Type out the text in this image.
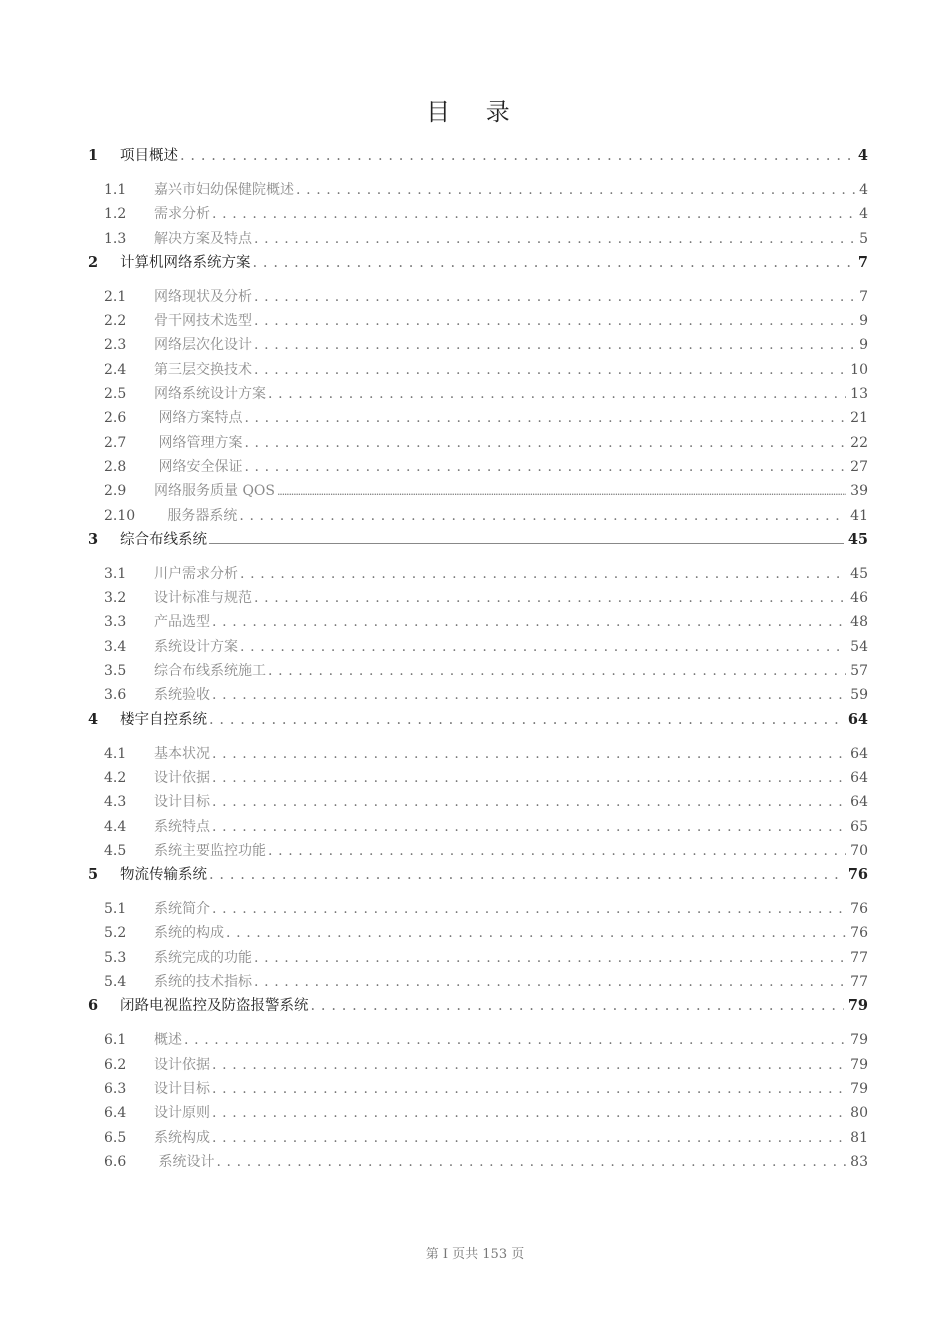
目 录
1	项目概述 . . .	4
1.1	嘉兴市妇幼保健院概述 . . .	4
1.2	需求分析 . . .	4
1.3	解决方案及特点 . . .	5
2	计算机网络系统方案 . . .	7
2.1	网络现状及分析 . . .	7
2.2	骨干网技术选型 . . .	9
2.3	网络层次化设计 . . .	9
2.4	第三层交换技术 . . .	10
2.5	网络系统设计方案 . . .	13
2.6	网络方案特点 . . .	21
2.7	网络管理方案 . . .	22
2.8	网络安全保证 . . .	27
2.9	网络服务质量 QOS .....	39
2.10	服务器系统 . . .	41
3	综合布线系统	45
3.1	川户需求分析 . . .	45
3.2	设计标准与规范 . . .	46
3.3	产品选型 . . .	48
3.4	系统设计方案 . . .	54
3.5	综合布线系统施工 . . .	57
3.6	系统验收 . . .	59
4	楼宇自控系统 . . .	64
4.1	基本状况 . . .	64
4.2	设计依据 . . .	64
4.3	设计目标 . . .	64
4.4	系统特点 . . .	65
4.5	系统主要监控功能 . . .	70
5	物流传输系统 . . .	76
5.1	系统简介 . . .	76
5.2	系统的构成 . . .	76
5.3	系统完成的功能 . . .	77
5.4	系统的技术指标 . . .	77
6	闭路电视监控及防盗报警系统 . . .	79
6.1	概述 . . .	79
6.2	设计依据 . . .	79
6.3	设计目标 . . .	79
6.4	设计原则 . . .	80
6.5	系统构成 . . .	81
6.6	系统设计 . . .	83
第 I 页共 153 页
